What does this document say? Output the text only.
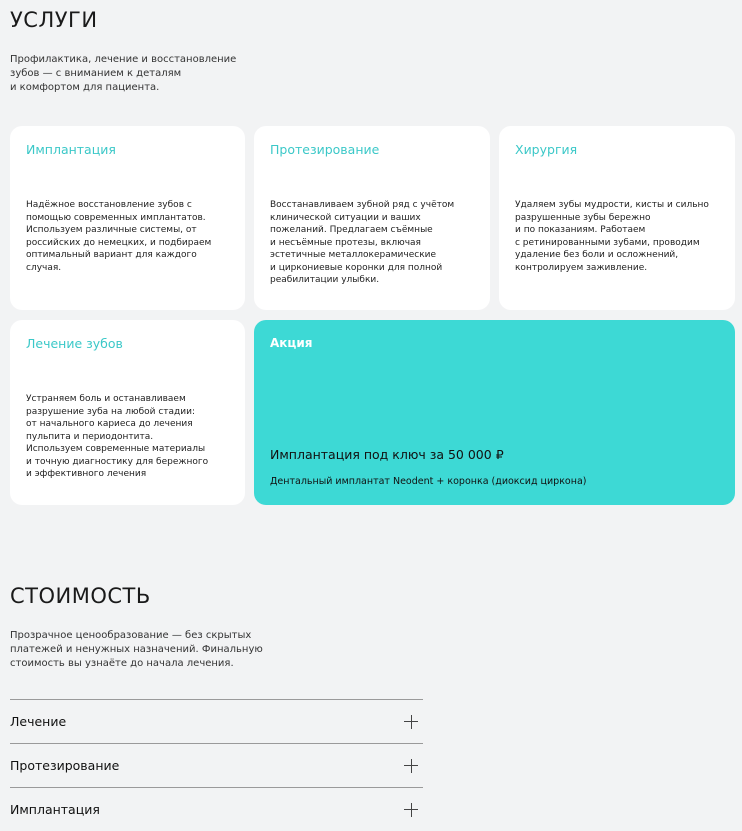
УСЛУГИ

Профилактика, лечение и восстановление
зубов — с вниманием к деталям
и комфортом для пациента.

Имплантация

Надёжное восстановление зубов с
помощью современных имплантатов.
Используем различные системы, от
российских до немецких, и подбираем
оптимальный вариант для каждого
случая.

Протезирование

Восстанавливаем зубной ряд с учётом
клинической ситуации и ваших
пожеланий. Предлагаем съёмные
и несъёмные протезы, включая
эстетичные металлокерамические
и циркониевые коронки для полной
реабилитации улыбки.

Хирургия

Удаляем зубы мудрости, кисты и сильно
разрушенные зубы бережно
и по показаниям. Работаем
с ретинированными зубами, проводим
удаление без боли и осложнений,
контролируем заживление.

Лечение зубов

Устраняем боль и останавливаем
разрушение зуба на любой стадии:
от начального кариеса до лечения
пульпита и периодонтита.
Используем современные материалы
и точную диагностику для бережного
и эффективного лечения

Акция

Имплантация под ключ за 50 000 ₽

Дентальный имплантат Neodent + коронка (диоксид циркона)

СТОИМОСТЬ

Прозрачное ценообразование — без скрытых
платежей и ненужных назначений. Финальную
стоимость вы узнаёте до начала лечения.

Лечение
Протезирование
Имплантация
